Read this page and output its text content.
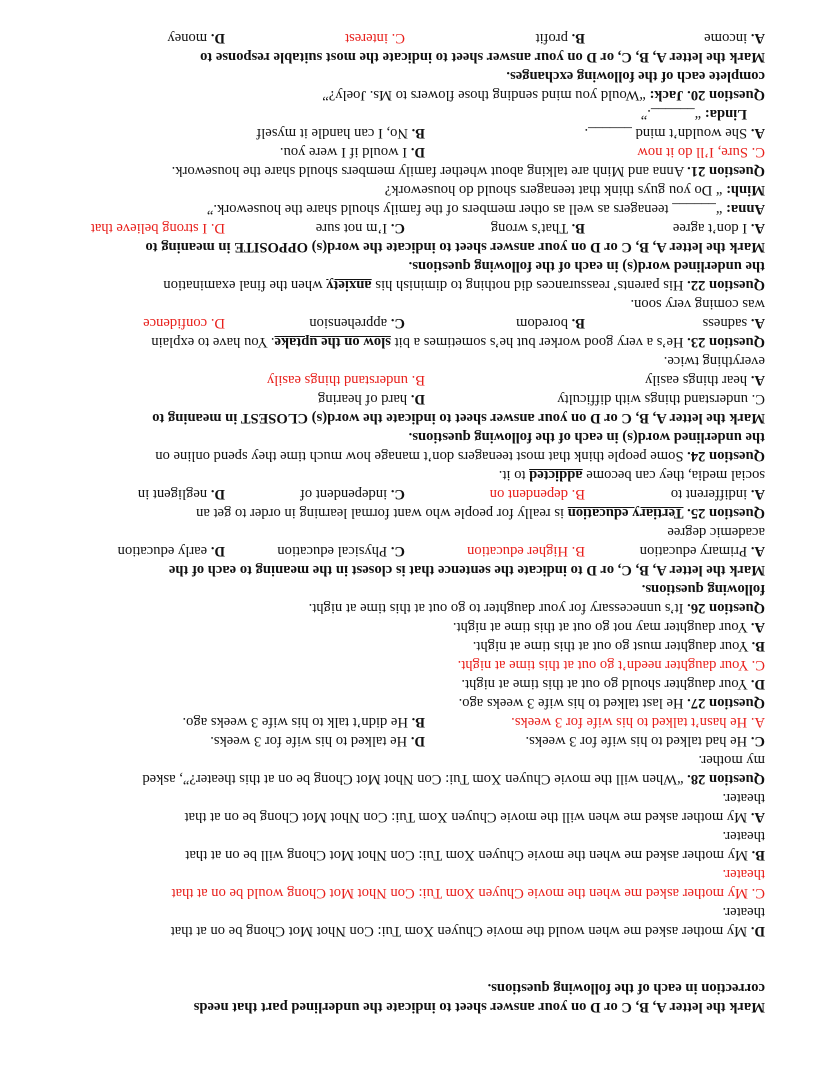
Mark the letter A, B, C or D on your answer sheet to indicate the underlined part that needs
correction in each of the following questions.
D. My mother asked me when would the movie Chuyen Xom Tui: Con Nhot Mot Chong be on at that
theater.
C. My mother asked me when the movie Chuyen Xom Tui: Con Nhot Mot Chong would be on at that
theater.
B. My mother asked me when the movie Chuyen Xom Tui: Con Nhot Mot Chong will be on at that
theater.
A. My mother asked me when will the movie Chuyen Xom Tui: Con Nhot Mot Chong be on at that
theater.
Question 28. “When will the movie Chuyen Xom Tui: Con Nhot Mot Chong be on at this theater?”, asked
my mother.
C. He had talked to his wife for 3 weeks.
D. He talked to his wife for 3 weeks.
A. He hasn’t talked to his wife for 3 weeks.
B. He didn’t talk to his wife 3 weeks ago.
Question 27. He last talked to his wife 3 weeks ago.
D. Your daughter should go out at this time at night.
C. Your daughter needn’t go out at this time at night.
B. Your daughter must go out at this time at night.
A. Your daughter may not go out at this time at night.
Question 26. It’s unnecessary for your daughter to go out at this time at night.
following questions.
Mark the letter A, B, C, or D to indicate the sentence that is closest in the meaning to each of the
A. Primary education
B. Higher education
C. Physical education
D. early education
academic degree
Question 25. Tertiary education is really for people who want formal learning in order to get an
A. indifferent to
B. dependent on
C. independent of
D. negligent in
social media, they can become addicted to it.
Question 24. Some people think that most teenagers don’t manage how much time they spend online on
the underlined word(s) in each of the following questions.
Mark the letter A, B, C or D on your answer sheet to indicate the word(s) CLOSEST in meaning to
C. understand things with difficulty
D. hard of hearing
A. hear things easily
B. understand things easily
everything twice.
Question 23. He’s a very good worker but he’s sometimes a bit slow on the uptake. You have to explain
A. sadness
B. boredom
C. apprehension
D. confidence
was coming very soon.
Question 22. His parents’ reassurances did nothing to diminish his anxiety when the final examination
the underlined word(s) in each of the following questions.
Mark the letter A, B, C or D on your answer sheet to indicate the word(s) OPPOSITE in meaning to
A. I don’t agree
B. That’s wrong
C. I’m not sure
D. I strong believe that
Anna: “______ teenagers as well as other members of the family should share the housework.”
Minh: “ Do you guys think that teenagers should do housework?
Question 21. Anna and Minh are talking about whether family members should share the housework.
C. Sure, I’ll do it now
D. I would if I were you.
A. She wouldn’t mind ______.
B. No, I can handle it myself
Linda: “______.”
Question 20. Jack: “Would you mind sending those flowers to Ms. Joely?”
complete each of the following exchanges.
Mark the letter A, B, C, or D on your answer sheet to indicate the most suitable response to
A. income
B. profit
C. interest
D. money
